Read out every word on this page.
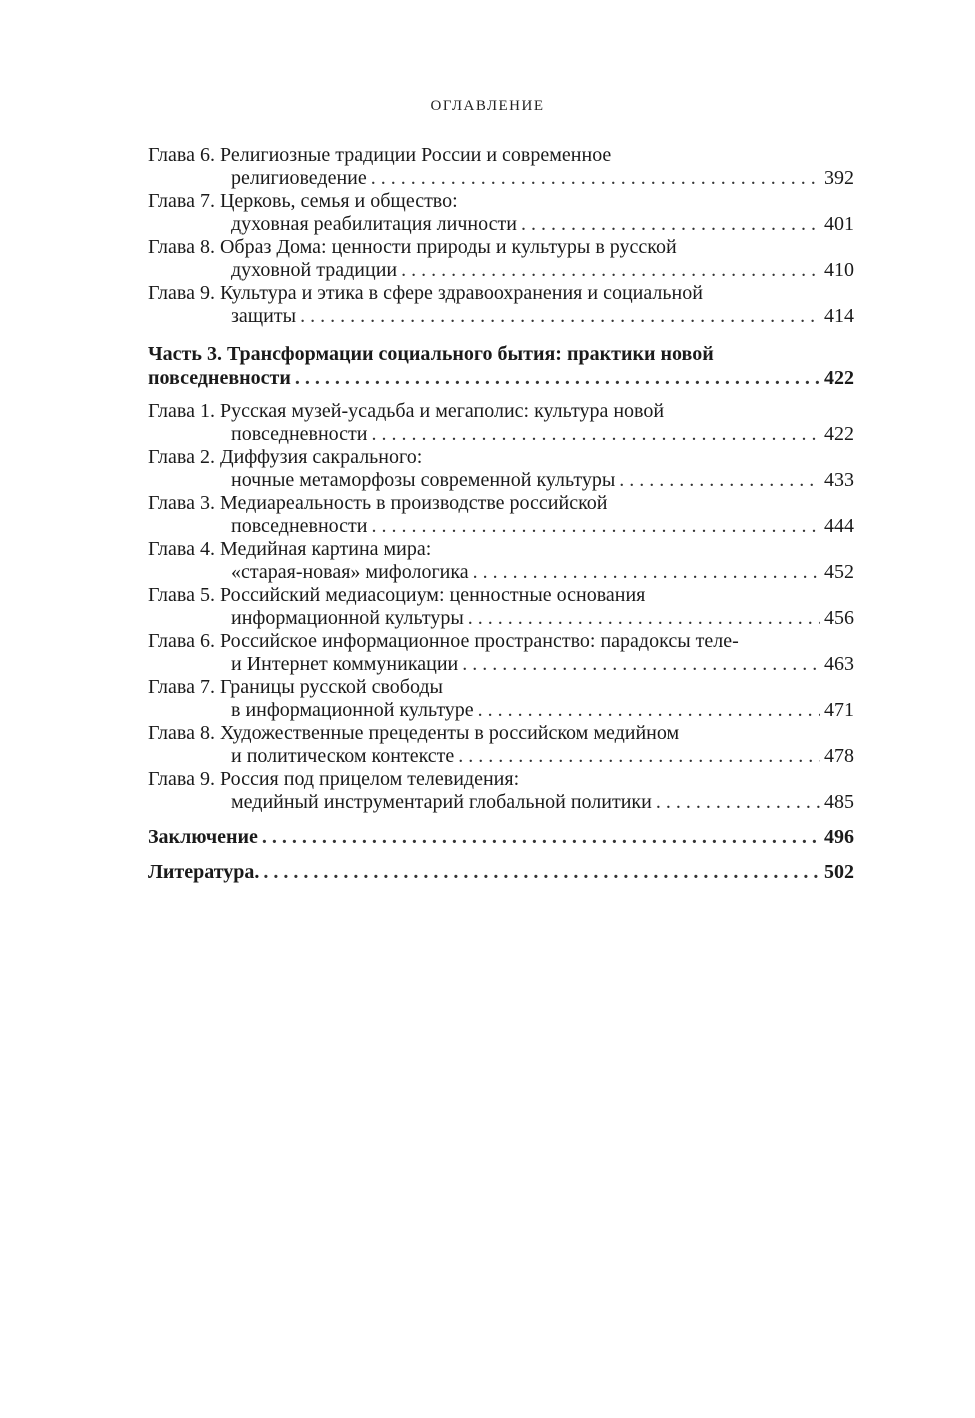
ОГЛАВЛЕНИЕ
Глава 6. Религиозные традиции России и современное
религиоведение . . .	392
Глава 7. Церковь, семья и общество:
духовная реабилитация личности . . .	401
Глава 8. Образ Дома: ценности природы и культуры в русской
духовной традиции . . .	410
Глава 9. Культура и этика в сфере здравоохранения и социальной
защиты . . .	414
Часть 3. Трансформации социального бытия: практики новой
повседневности . . .	422
Глава 1. Русская музей-усадьба и мегаполис: культура новой
повседневности . . .	422
Глава 2. Диффузия сакрального:
ночные метаморфозы современной культуры . . .	433
Глава 3. Медиареальность в производстве российской
повседневности . . .	444
Глава 4. Медийная картина мира:
«старая-новая» мифологика . . .	452
Глава 5. Российский медиасоциум: ценностные основания
информационной культуры . . .	456
Глава 6. Российское информационное пространство: парадоксы теле-
и Интернет коммуникации . . .	463
Глава 7. Границы русской свободы
в информационной культуре . . .	471
Глава 8. Художественные прецеденты в российском медийном
и политическом контексте . . .	478
Глава 9. Россия под прицелом телевидения:
медийный инструментарий глобальной политики . . .	485
Заключение . . .	496
Литература. . . .	502
